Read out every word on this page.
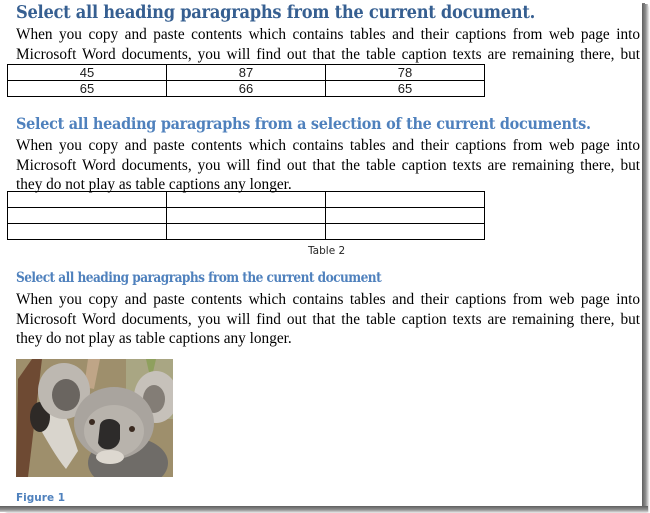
Select all heading paragraphs from the current document.

When you copy and paste contents which contains tables and their captions from web page into
Microsoft Word documents, you will find out that the table caption texts are remaining there, but

45	87	78
65	66	65
Select all heading paragraphs from a selection of the current documents.

When you copy and paste contents which contains tables and their captions from web page into
Microsoft Word documents, you will find out that the table caption texts are remaining there, but
they do not play as table captions any longer.

Table 2
Select all heading paragraphs from the current document

When you copy and paste contents which contains tables and their captions from web page into
Microsoft Word documents, you will find out that the table caption texts are remaining there, but
they do not play as table captions any longer.

Figure 1
